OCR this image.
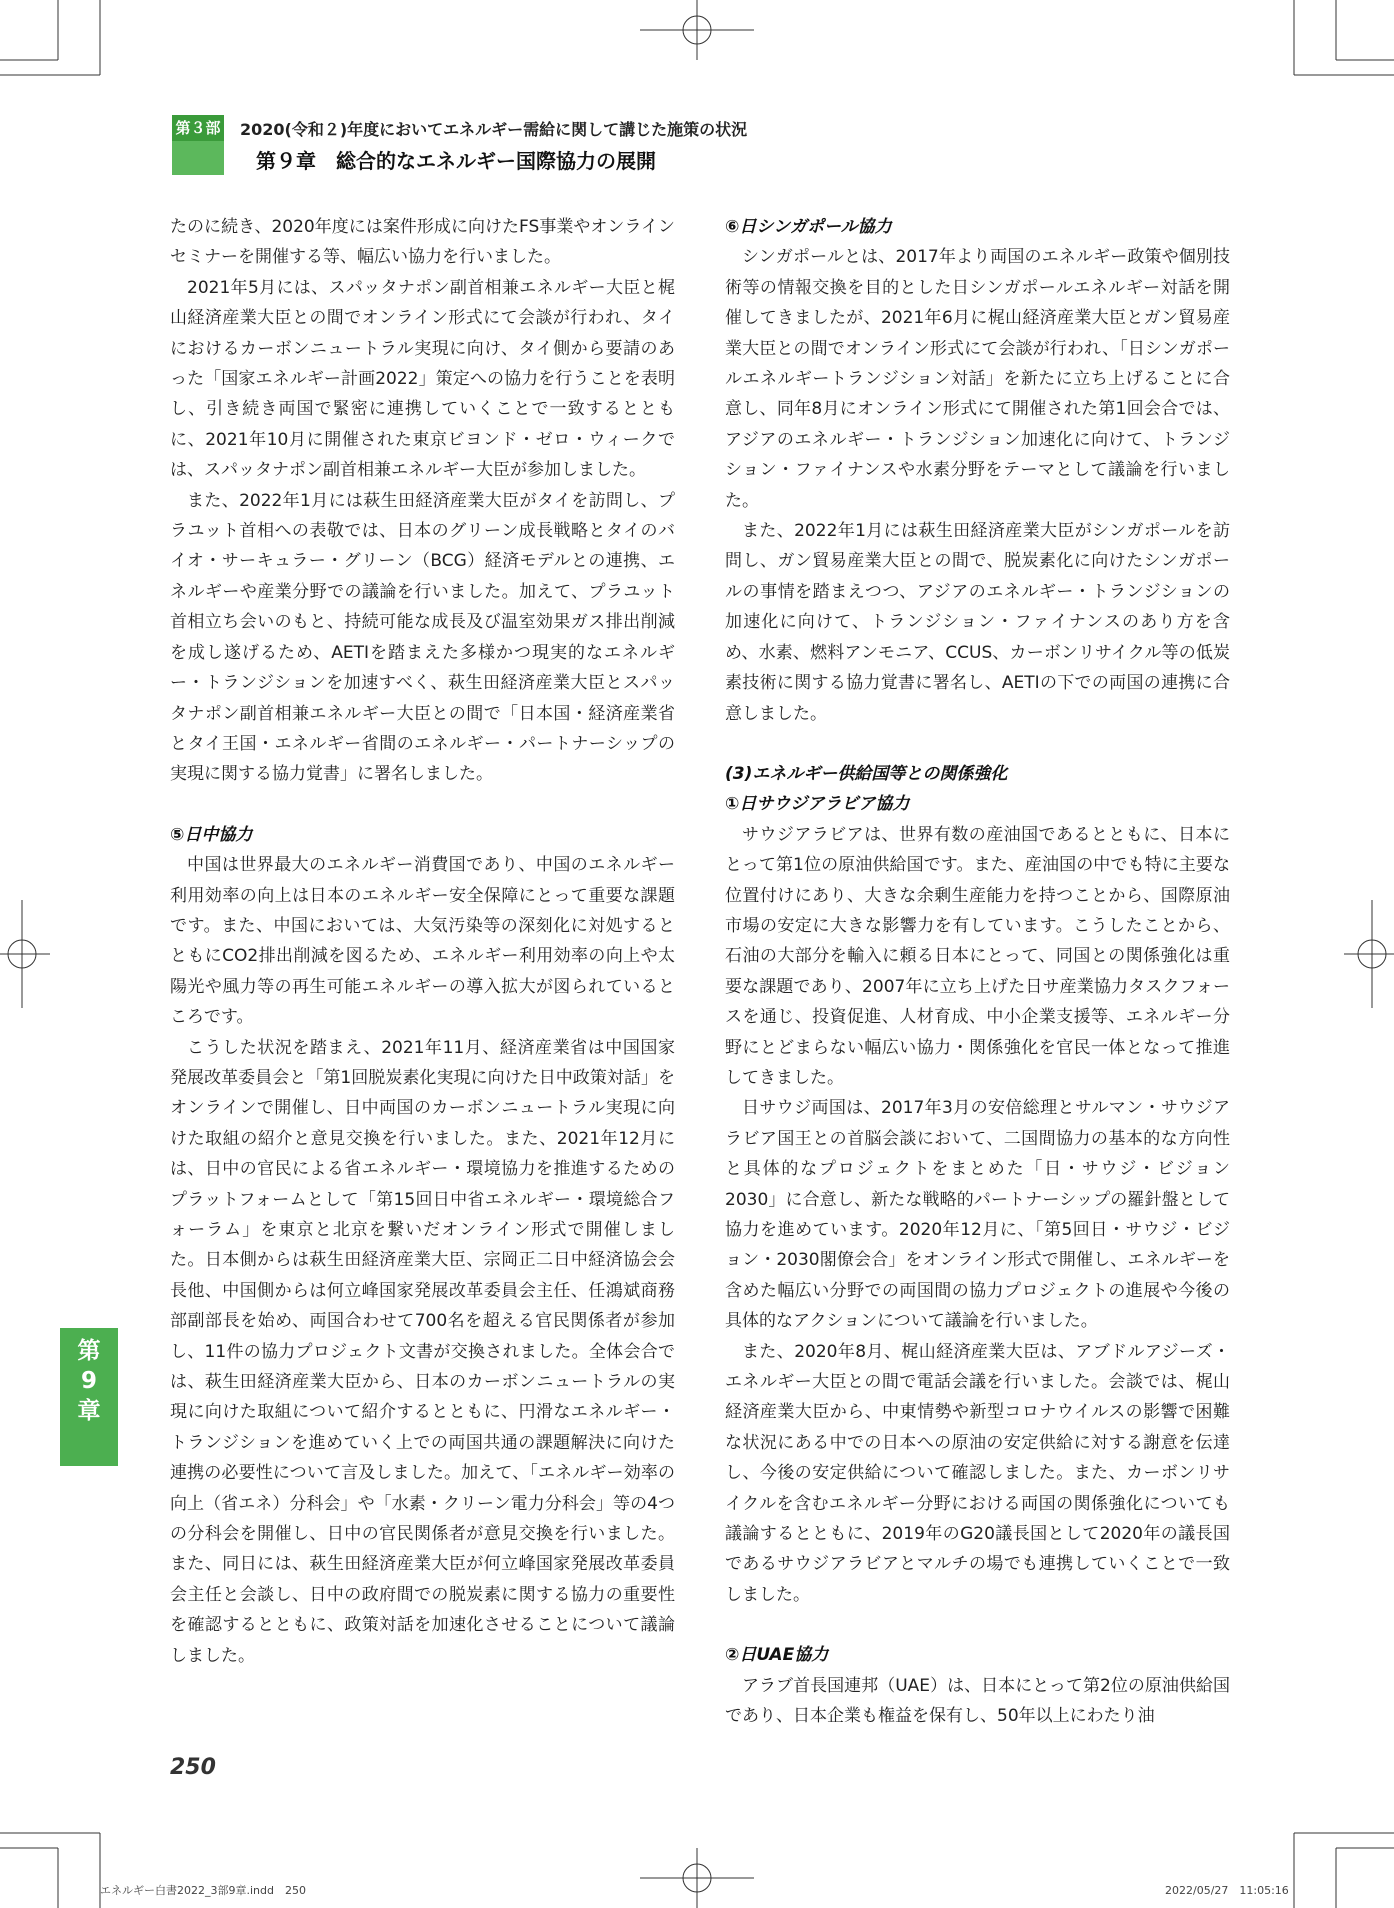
第３部 2020(令和２)年度においてエネルギー需給に関して講じた施策の状況
第９章　総合的なエネルギー国際協力の展開

たのに続き、2020年度には案件形成に向けたFS事業やオンラインセミナーを開催する等、幅広い協力を行いました。

2021年5月には、スパッタナポン副首相兼エネルギー大臣と梶山経済産業大臣との間でオンライン形式にて会談が行われ、タイにおけるカーボンニュートラル実現に向け、タイ側から要請のあった「国家エネルギー計画2022」策定への協力を行うことを表明し、引き続き両国で緊密に連携していくことで一致するとともに、2021年10月に開催された東京ビヨンド・ゼロ・ウィークでは、スパッタナポン副首相兼エネルギー大臣が参加しました。

また、2022年1月には萩生田経済産業大臣がタイを訪問し、プラユット首相への表敬では、日本のグリーン成長戦略とタイのバイオ・サーキュラー・グリーン（BCG）経済モデルとの連携、エネルギーや産業分野での議論を行いました。加えて、プラユット首相立ち会いのもと、持続可能な成長及び温室効果ガス排出削減を成し遂げるため、AETIを踏まえた多様かつ現実的なエネルギー・トランジションを加速すべく、萩生田経済産業大臣とスパッタナポン副首相兼エネルギー大臣との間で「日本国・経済産業省とタイ王国・エネルギー省間のエネルギー・パートナーシップの実現に関する協力覚書」に署名しました。

⑤日中協力

中国は世界最大のエネルギー消費国であり、中国のエネルギー利用効率の向上は日本のエネルギー安全保障にとって重要な課題です。また、中国においては、大気汚染等の深刻化に対処するとともにCO2排出削減を図るため、エネルギー利用効率の向上や太陽光や風力等の再生可能エネルギーの導入拡大が図られているところです。

こうした状況を踏まえ、2021年11月、経済産業省は中国国家発展改革委員会と「第1回脱炭素化実現に向けた日中政策対話」をオンラインで開催し、日中両国のカーボンニュートラル実現に向けた取組の紹介と意見交換を行いました。また、2021年12月には、日中の官民による省エネルギー・環境協力を推進するためのプラットフォームとして「第15回日中省エネルギー・環境総合フォーラム」を東京と北京を繋いだオンライン形式で開催しました。日本側からは萩生田経済産業大臣、宗岡正二日中経済協会会長他、中国側からは何立峰国家発展改革委員会主任、任鴻斌商務部副部長を始め、両国合わせて700名を超える官民関係者が参加し、11件の協力プロジェクト文書が交換されました。全体会合では、萩生田経済産業大臣から、日本のカーボンニュートラルの実現に向けた取組について紹介するとともに、円滑なエネルギー・トランジションを進めていく上での両国共通の課題解決に向けた連携の必要性について言及しました。加えて、「エネルギー効率の向上（省エネ）分科会」や「水素・クリーン電力分科会」等の4つの分科会を開催し、日中の官民関係者が意見交換を行いました。また、同日には、萩生田経済産業大臣が何立峰国家発展改革委員会主任と会談し、日中の政府間での脱炭素に関する協力の重要性を確認するとともに、政策対話を加速化させることについて議論しました。

⑥日シンガポール協力

シンガポールとは、2017年より両国のエネルギー政策や個別技術等の情報交換を目的とした日シンガポールエネルギー対話を開催してきましたが、2021年6月に梶山経済産業大臣とガン貿易産業大臣との間でオンライン形式にて会談が行われ、「日シンガポールエネルギートランジション対話」を新たに立ち上げることに合意し、同年8月にオンライン形式にて開催された第1回会合では、アジアのエネルギー・トランジション加速化に向けて、トランジション・ファイナンスや水素分野をテーマとして議論を行いました。

また、2022年1月には萩生田経済産業大臣がシンガポールを訪問し、ガン貿易産業大臣との間で、脱炭素化に向けたシンガポールの事情を踏まえつつ、アジアのエネルギー・トランジションの加速化に向けて、トランジション・ファイナンスのあり方を含め、水素、燃料アンモニア、CCUS、カーボンリサイクル等の低炭素技術に関する協力覚書に署名し、AETIの下での両国の連携に合意しました。

(3)エネルギー供給国等との関係強化
①日サウジアラビア協力

サウジアラビアは、世界有数の産油国であるとともに、日本にとって第1位の原油供給国です。また、産油国の中でも特に主要な位置付けにあり、大きな余剰生産能力を持つことから、国際原油市場の安定に大きな影響力を有しています。こうしたことから、石油の大部分を輸入に頼る日本にとって、同国との関係強化は重要な課題であり、2007年に立ち上げた日サ産業協力タスクフォースを通じ、投資促進、人材育成、中小企業支援等、エネルギー分野にとどまらない幅広い協力・関係強化を官民一体となって推進してきました。

日サウジ両国は、2017年3月の安倍総理とサルマン・サウジアラビア国王との首脳会談において、二国間協力の基本的な方向性と具体的なプロジェクトをまとめた「日・サウジ・ビジョン2030」に合意し、新たな戦略的パートナーシップの羅針盤として協力を進めています。2020年12月に、「第5回日・サウジ・ビジョン・2030閣僚会合」をオンライン形式で開催し、エネルギーを含めた幅広い分野での両国間の協力プロジェクトの進展や今後の具体的なアクションについて議論を行いました。

また、2020年8月、梶山経済産業大臣は、アブドルアジーズ・エネルギー大臣との間で電話会議を行いました。会談では、梶山経済産業大臣から、中東情勢や新型コロナウイルスの影響で困難な状況にある中での日本への原油の安定供給に対する謝意を伝達し、今後の安定供給について確認しました。また、カーボンリサイクルを含むエネルギー分野における両国の関係強化についても議論するとともに、2019年のG20議長国として2020年の議長国であるサウジアラビアとマルチの場でも連携していくことで一致しました。

②日UAE協力

アラブ首長国連邦（UAE）は、日本にとって第2位の原油供給国であり、日本企業も権益を保有し、50年以上にわたり油

第
9
章
250
エネルギー白書2022_3部9章.indd　250	2022/05/27　11:05:16
